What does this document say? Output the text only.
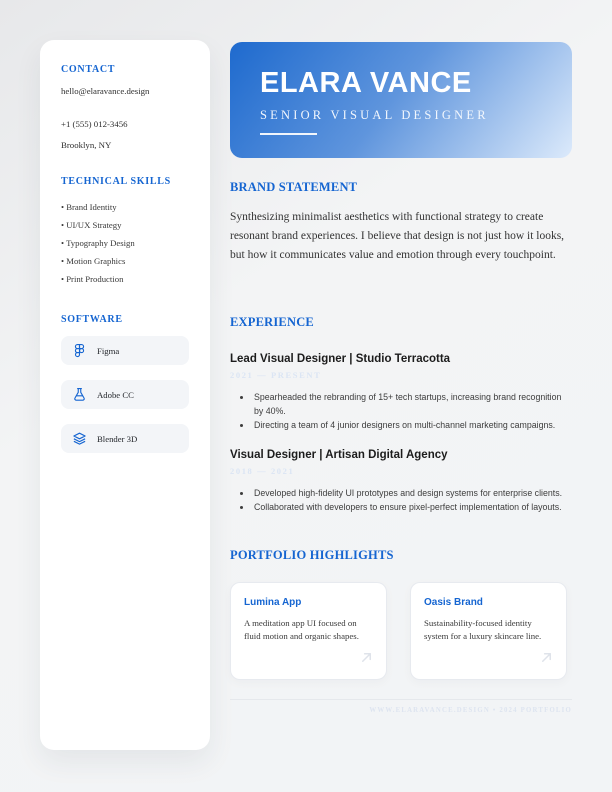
CONTACT

hello@elaravance.design

+1 (555) 012-3456

Brooklyn, NY

TECHNICAL SKILLS

• Brand Identity

• UI/UX Strategy

• Typography Design

• Motion Graphics

• Print Production

SOFTWARE
Figma
Adobe CC
Blender 3D
ELARA VANCE
SENIOR VISUAL DESIGNER
BRAND STATEMENT

Synthesizing minimalist aesthetics with functional strategy to create resonant brand experiences. I believe that design is not just how it looks, but how it communicates value and emotion through every touchpoint.

EXPERIENCE
Lead Visual Designer | Studio Terracotta
2021 — PRESENT
• Spearheaded the rebranding of 15+ tech startups, increasing brand recognition by 40%.
• Directing a team of 4 junior designers on multi-channel marketing campaigns.
Visual Designer | Artisan Digital Agency
2018 — 2021
• Developed high-fidelity UI prototypes and design systems for enterprise clients.
• Collaborated with developers to ensure pixel-perfect implementation of layouts.
PORTFOLIO HIGHLIGHTS
Lumina App

A meditation app UI focused on fluid motion and organic shapes.

Oasis Brand

Sustainability-focused identity system for a luxury skincare line.

WWW.ELARAVANCE.DESIGN • 2024 PORTFOLIO
